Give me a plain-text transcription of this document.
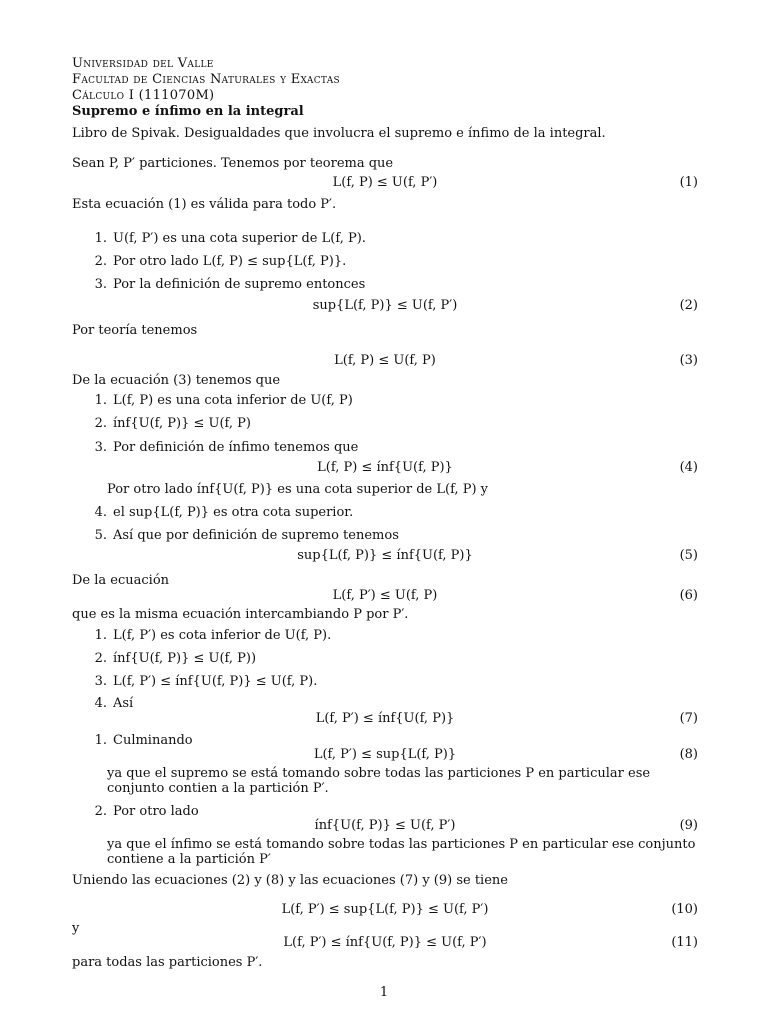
Universidad del Valle
Facultad de Ciencias Naturales y Exactas
Cálculo I (111070M)
Supremo e ínfimo en la integral
Libro de Spivak. Desigualdades que involucra el supremo e ínfimo de la integral.
Sean P, P′ particiones. Tenemos por teorema que
L(f, P) ≤ U(f, P′)	(1)
Esta ecuación (1) es válida para todo P′.
1. U(f, P′) es una cota superior de L(f, P).
2. Por otro lado L(f, P) ≤ sup{L(f, P)}.
3. Por la definición de supremo entonces
sup{L(f, P)} ≤ U(f, P′)	(2)
Por teoría tenemos
L(f, P) ≤ U(f, P)	(3)
De la ecuación (3) tenemos que
1. L(f, P) es una cota inferior de U(f, P)
2. ínf{U(f, P)} ≤ U(f, P)
3. Por definición de ínfimo tenemos que
L(f, P) ≤ ínf{U(f, P)}	(4)
Por otro lado ínf{U(f, P)} es una cota superior de L(f, P) y
4. el sup{L(f, P)} es otra cota superior.
5. Así que por definición de supremo tenemos
sup{L(f, P)} ≤ ínf{U(f, P)}	(5)
De la ecuación
L(f, P′) ≤ U(f, P)	(6)
que es la misma ecuación intercambiando P por P′.
1. L(f, P′) es cota inferior de U(f, P).
2. ínf{U(f, P)} ≤ U(f, P))
3. L(f, P′) ≤ ínf{U(f, P)} ≤ U(f, P).
4. Así
L(f, P′) ≤ ínf{U(f, P)}	(7)
1. Culminando
L(f, P′) ≤ sup{L(f, P)}	(8)
ya que el supremo se está tomando sobre todas las particiones P en particular ese conjunto contien a la partición P′.
2. Por otro lado
ínf{U(f, P)} ≤ U(f, P′)	(9)
ya que el ínfimo se está tomando sobre todas las particiones P en particular ese conjunto contiene a la partición P′
Uniendo las ecuaciones (2) y (8) y las ecuaciones (7) y (9) se tiene
L(f, P′) ≤ sup{L(f, P)} ≤ U(f, P′)	(10)
y
L(f, P′) ≤ ínf{U(f, P)} ≤ U(f, P′)	(11)
para todas las particiones P′.
1
